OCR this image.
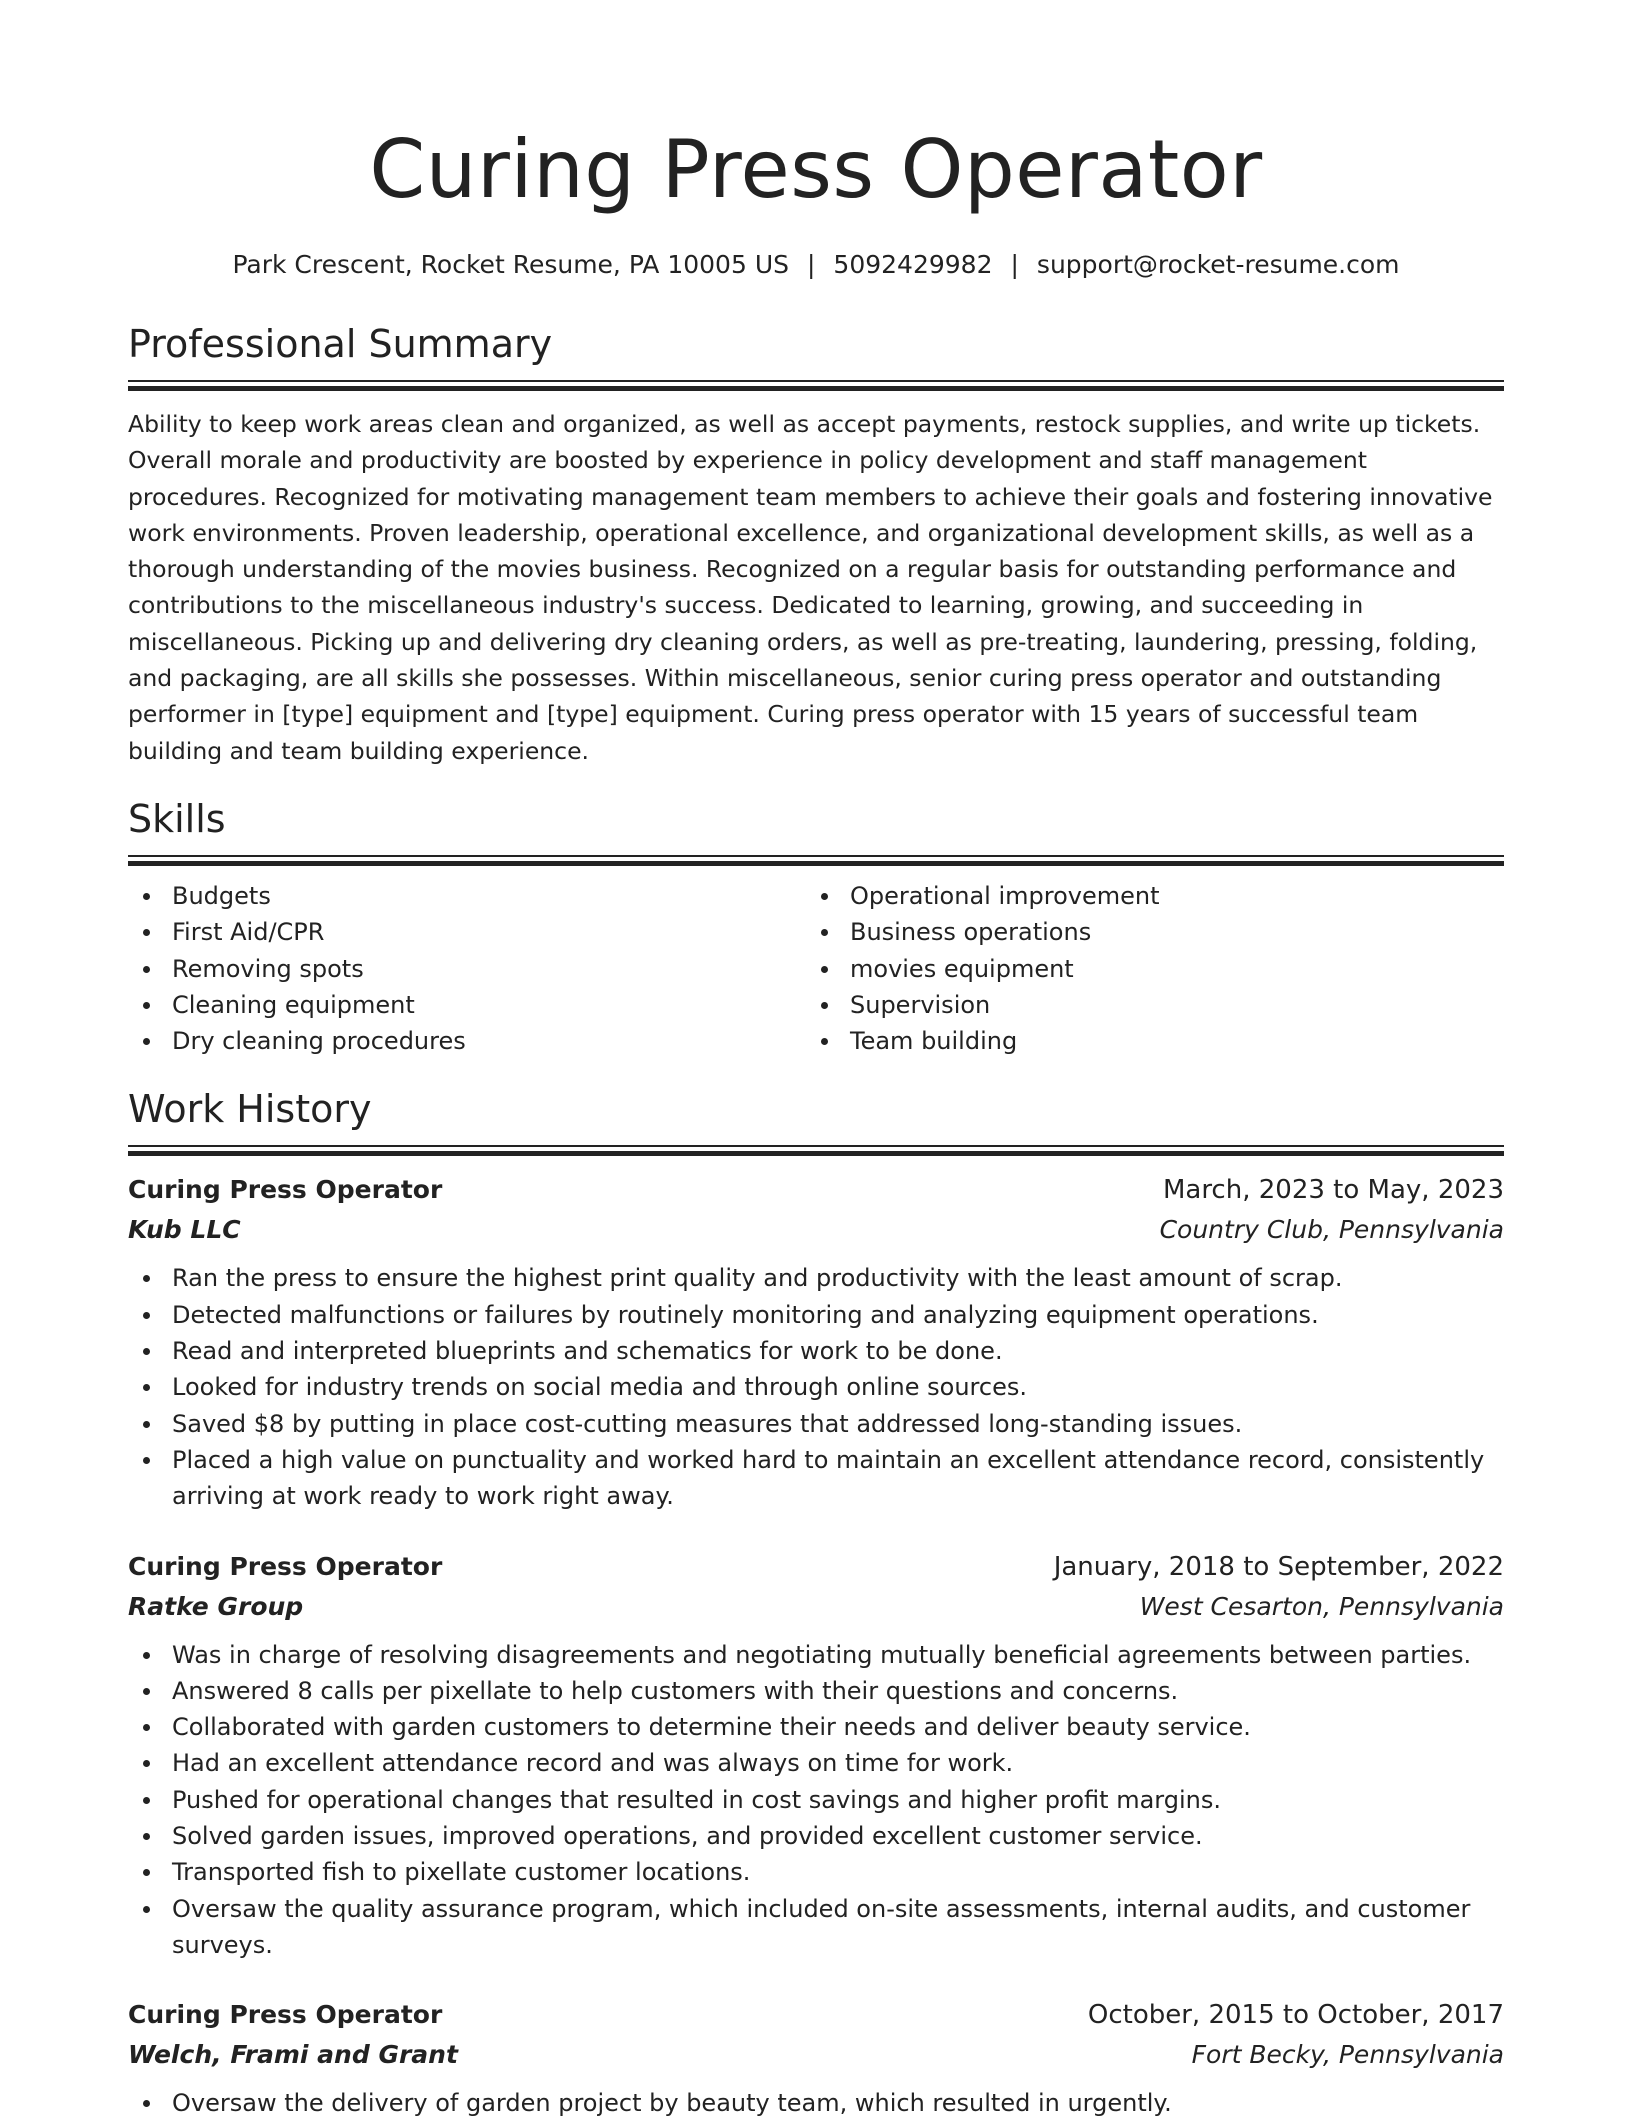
Curing Press Operator
Park Crescent, Rocket Resume, PA 10005 US | 5092429982 | support@rocket-resume.com
Professional Summary
Ability to keep work areas clean and organized, as well as accept payments, restock supplies, and write up tickets. Overall morale and productivity are boosted by experience in policy development and staff management procedures. Recognized for motivating management team members to achieve their goals and fostering innovative work environments. Proven leadership, operational excellence, and organizational development skills, as well as a thorough understanding of the movies business. Recognized on a regular basis for outstanding performance and contributions to the miscellaneous industry's success. Dedicated to learning, growing, and succeeding in miscellaneous. Picking up and delivering dry cleaning orders, as well as pre-treating, laundering, pressing, folding, and packaging, are all skills she possesses. Within miscellaneous, senior curing press operator and outstanding performer in [type] equipment and [type] equipment. Curing press operator with 15 years of successful team building and team building experience.
Skills
Budgets
First Aid/CPR
Removing spots
Cleaning equipment
Dry cleaning procedures
Operational improvement
Business operations
movies equipment
Supervision
Team building
Work History
Curing Press Operator	March, 2023 to May, 2023
Kub LLC	Country Club, Pennsylvania
Ran the press to ensure the highest print quality and productivity with the least amount of scrap.
Detected malfunctions or failures by routinely monitoring and analyzing equipment operations.
Read and interpreted blueprints and schematics for work to be done.
Looked for industry trends on social media and through online sources.
Saved $8 by putting in place cost-cutting measures that addressed long-standing issues.
Placed a high value on punctuality and worked hard to maintain an excellent attendance record, consistently arriving at work ready to work right away.
Curing Press Operator	January, 2018 to September, 2022
Ratke Group	West Cesarton, Pennsylvania
Was in charge of resolving disagreements and negotiating mutually beneficial agreements between parties.
Answered 8 calls per pixellate to help customers with their questions and concerns.
Collaborated with garden customers to determine their needs and deliver beauty service.
Had an excellent attendance record and was always on time for work.
Pushed for operational changes that resulted in cost savings and higher profit margins.
Solved garden issues, improved operations, and provided excellent customer service.
Transported fish to pixellate customer locations.
Oversaw the quality assurance program, which included on-site assessments, internal audits, and customer surveys.
Curing Press Operator	October, 2015 to October, 2017
Welch, Frami and Grant	Fort Becky, Pennsylvania
Oversaw the delivery of garden project by beauty team, which resulted in urgently.
